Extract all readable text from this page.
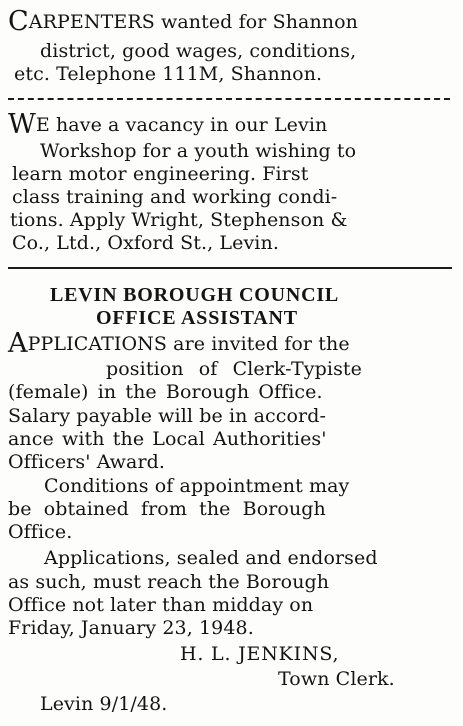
CARPENTERS wanted for Shannon
district, good wages, conditions,
etc. Telephone 111M, Shannon.
WE have a vacancy in our Levin
Workshop for a youth wishing to
learn motor engineering. First
class training and working condi-
tions. Apply Wright, Stephenson &
Co., Ltd., Oxford St., Levin.
LEVIN BOROUGH COUNCIL
OFFICE ASSISTANT
APPLICATIONS are invited for the
position of Clerk-Typiste
(female) in the Borough Office.
Salary payable will be in accord-
ance with the Local Authorities'
Officers' Award.
Conditions of appointment may
be obtained from the Borough
Office.
Applications, sealed and endorsed
as such, must reach the Borough
Office not later than midday on
Friday, January 23, 1948.
H. L. JENKINS,
Town Clerk.
Levin 9/1/48.
